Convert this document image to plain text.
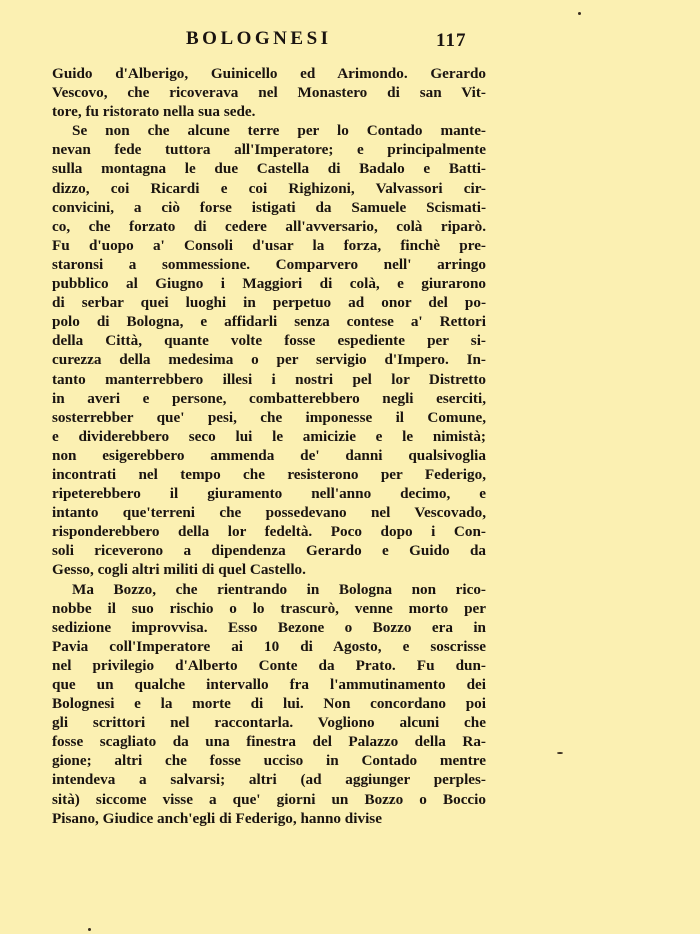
BOLOGNESI	117
Guido d'Alberigo, Guinicello ed Arimondo. Gerardo
Vescovo, che ricoverava nel Monastero di san Vit-
tore, fu ristorato nella sua sede.
Se non che alcune terre per lo Contado mante-
nevan fede tuttora all'Imperatore; e principalmente
sulla montagna le due Castella di Badalo e Batti-
dizzo, coi Ricardi e coi Righizoni, Valvassori cir-
convicini, a ciò forse istigati da Samuele Scismati-
co, che forzato di cedere all'avversario, colà riparò.
Fu d'uopo a' Consoli d'usar la forza, finchè pre-
staronsi a sommessione. Comparvero nell' arringo
pubblico al Giugno i Maggiori di colà, e giurarono
di serbar quei luoghi in perpetuo ad onor del po-
polo di Bologna, e affidarli senza contese a' Rettori
della Città, quante volte fosse espediente per si-
curezza della medesima o per servigio d'Impero. In-
tanto manterrebbero illesi i nostri pel lor Distretto
in averi e persone, combatterebbero negli eserciti,
sosterrebber que' pesi, che imponesse il Comune,
e dividerebbero seco lui le amicizie e le nimistà;
non esigerebbero ammenda de' danni qualsivoglia
incontrati nel tempo che resisterono per Federigo,
ripeterebbero il giuramento nell'anno decimo, e
intanto que'terreni che possedevano nel Vescovado,
risponderebbero della lor fedeltà. Poco dopo i Con-
soli riceverono a dipendenza Gerardo e Guido da
Gesso, cogli altri militi di quel Castello.
Ma Bozzo, che rientrando in Bologna non rico-
nobbe il suo rischio o lo trascurò, venne morto per
sedizione improvvisa. Esso Bezone o Bozzo era in
Pavia coll'Imperatore ai 10 di Agosto, e soscrisse
nel privilegio d'Alberto Conte da Prato. Fu dun-
que un qualche intervallo fra l'ammutinamento dei
Bolognesi e la morte di lui. Non concordano poi
gli scrittori nel raccontarla. Vogliono alcuni che
fosse scagliato da una finestra del Palazzo della Ra-
gione; altri che fosse ucciso in Contado mentre
intendeva a salvarsi; altri (ad aggiunger perples-
sità) siccome visse a que' giorni un Bozzo o Boccio
Pisano, Giudice anch'egli di Federigo, hanno divise
